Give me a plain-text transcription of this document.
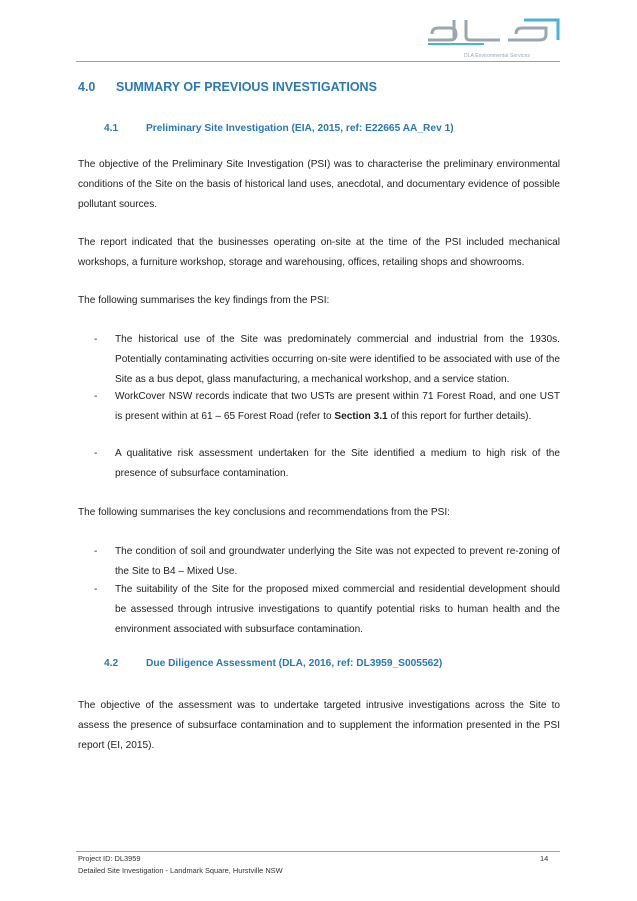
DLA Environmental Services
4.0 SUMMARY OF PREVIOUS INVESTIGATIONS
4.1	Preliminary Site Investigation (EIA, 2015, ref: E22665 AA_Rev 1)
The objective of the Preliminary Site Investigation (PSI) was to characterise the preliminary environmental conditions of the Site on the basis of historical land uses, anecdotal, and documentary evidence of possible pollutant sources.
The report indicated that the businesses operating on-site at the time of the PSI included mechanical workshops, a furniture workshop, storage and warehousing, offices, retailing shops and showrooms.
The following summarises the key findings from the PSI:
- The historical use of the Site was predominately commercial and industrial from the 1930s. Potentially contaminating activities occurring on-site were identified to be associated with use of the Site as a bus depot, glass manufacturing, a mechanical workshop, and a service station.
- WorkCover NSW records indicate that two USTs are present within 71 Forest Road, and one UST is present within at 61 – 65 Forest Road (refer to Section 3.1 of this report for further details).
- A qualitative risk assessment undertaken for the Site identified a medium to high risk of the presence of subsurface contamination.
The following summarises the key conclusions and recommendations from the PSI:
- The condition of soil and groundwater underlying the Site was not expected to prevent re-zoning of the Site to B4 – Mixed Use.
- The suitability of the Site for the proposed mixed commercial and residential development should be assessed through intrusive investigations to quantify potential risks to human health and the environment associated with subsurface contamination.
4.2	Due Diligence Assessment (DLA, 2016, ref: DL3959_S005562)
The objective of the assessment was to undertake targeted intrusive investigations across the Site to assess the presence of subsurface contamination and to supplement the information presented in the PSI report (EI, 2015).
Project ID: DL3959	14
Detailed Site Investigation - Landmark Square, Hurstville NSW
